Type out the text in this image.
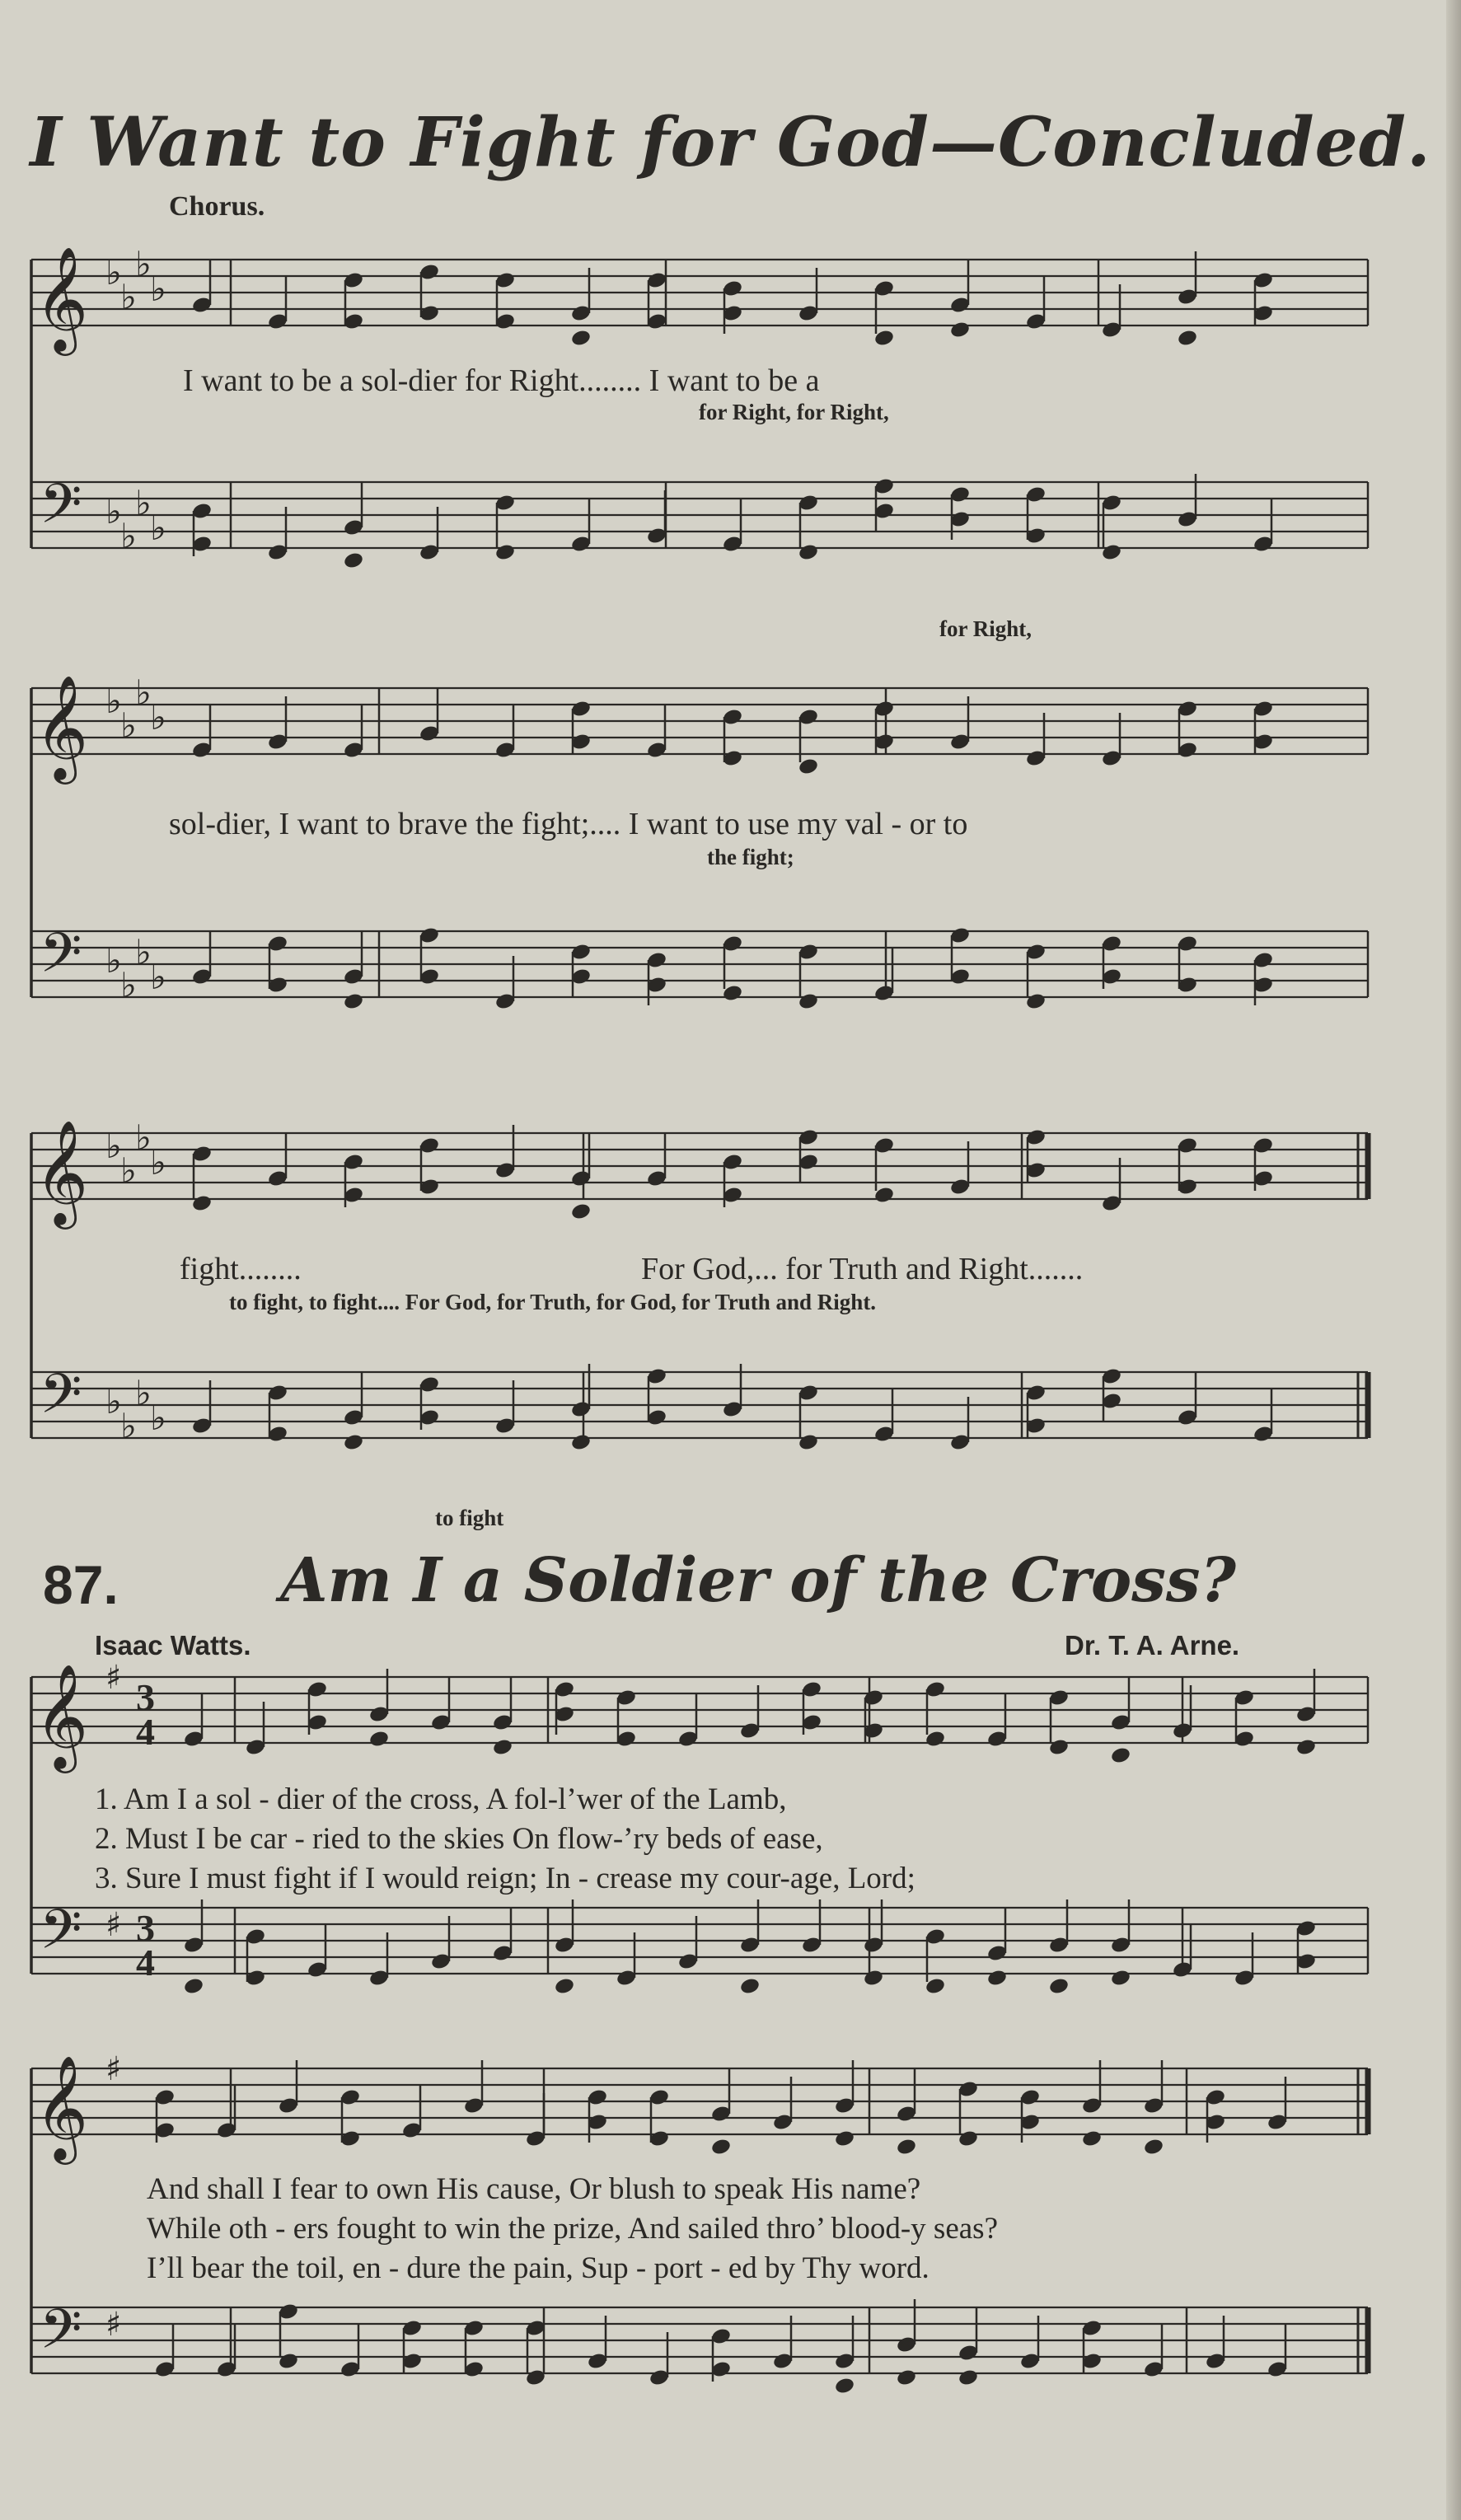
I Want to Fight for God—Concluded.
Chorus.
𝄞
𝄢
♭
♭
♭
♭
♭
♭
♭
♭
𝄞
𝄢
♭
♭
♭
♭
♭
♭
♭
♭
𝄞
𝄢
♭
♭
♭
♭
♭
♭
♭
♭
𝄞
𝄢
♯
♯
3
4
3
4
𝄞
𝄢
♯
♯
I want to be a sol-dier for Right........ I want to be a
for Right, for Right,
for Right,
sol-dier, I want to brave the fight;.... I want to use my val - or to
the fight;
fight........	For God,... for Truth and Right.......
to fight, to fight.... For God, for Truth, for God, for Truth and Right.
to fight
87.	Am I a Soldier of the Cross?
Isaac Watts.	Dr. T. A. Arne.
1. Am I a sol - dier of the cross, A fol-l’wer of the Lamb,
2. Must I be car - ried to the skies On flow-’ry beds of ease,
3. Sure I must fight if I would reign; In - crease my cour-age, Lord;
And shall I fear to own His cause, Or blush to speak His name?
While oth - ers fought to win the prize, And sailed thro’ blood-y seas?
I’ll bear the toil, en - dure the pain, Sup - port - ed by Thy word.
